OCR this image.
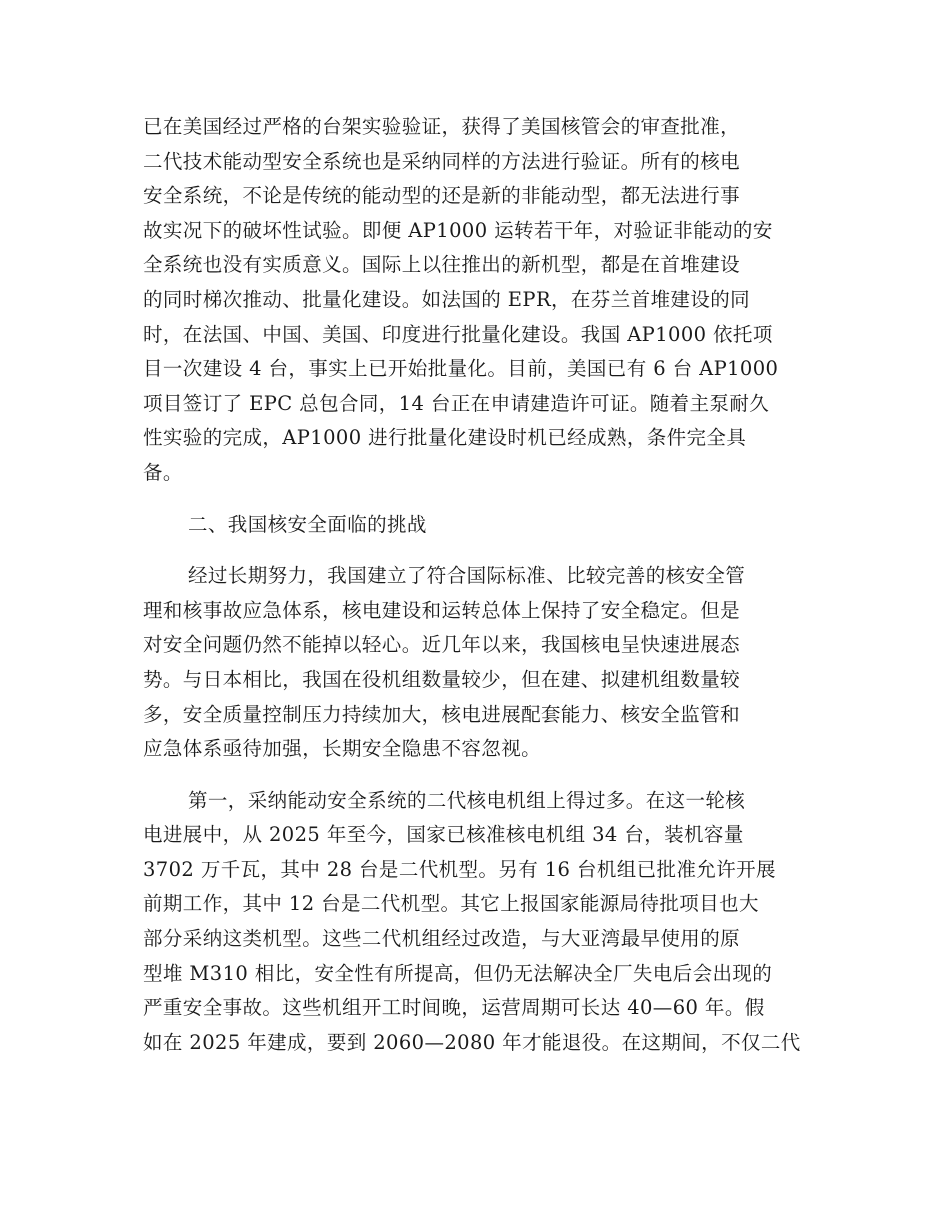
已在美国经过严格的台架实验验证，获得了美国核管会的审查批准，
二代技术能动型安全系统也是采纳同样的方法进行验证。所有的核电
安全系统，不论是传统的能动型的还是新的非能动型，都无法进行事
故实况下的破坏性试验。即便 AP1000 运转若干年，对验证非能动的安
全系统也没有实质意义。国际上以往推出的新机型，都是在首堆建设
的同时梯次推动、批量化建设。如法国的 EPR，在芬兰首堆建设的同
时，在法国、中国、美国、印度进行批量化建设。我国 AP1000 依托项
目一次建设 4 台，事实上已开始批量化。目前，美国已有 6 台 AP1000
项目签订了 EPC 总包合同，14 台正在申请建造许可证。随着主泵耐久
性实验的完成，AP1000 进行批量化建设时机已经成熟，条件完全具
备。

二、我国核安全面临的挑战

经过长期努力，我国建立了符合国际标准、比较完善的核安全管
理和核事故应急体系，核电建设和运转总体上保持了安全稳定。但是
对安全问题仍然不能掉以轻心。近几年以来，我国核电呈快速进展态
势。与日本相比，我国在役机组数量较少，但在建、拟建机组数量较
多，安全质量控制压力持续加大，核电进展配套能力、核安全监管和
应急体系亟待加强，长期安全隐患不容忽视。

第一，采纳能动安全系统的二代核电机组上得过多。在这一轮核
电进展中，从 2025 年至今，国家已核准核电机组 34 台，装机容量
3702 万千瓦，其中 28 台是二代机型。另有 16 台机组已批准允许开展
前期工作，其中 12 台是二代机型。其它上报国家能源局待批项目也大
部分采纳这类机型。这些二代机组经过改造，与大亚湾最早使用的原
型堆 M310 相比，安全性有所提高，但仍无法解决全厂失电后会出现的
严重安全事故。这些机组开工时间晚，运营周期可长达 40—60 年。假
如在 2025 年建成，要到 2060—2080 年才能退役。在这期间，不仅二代
